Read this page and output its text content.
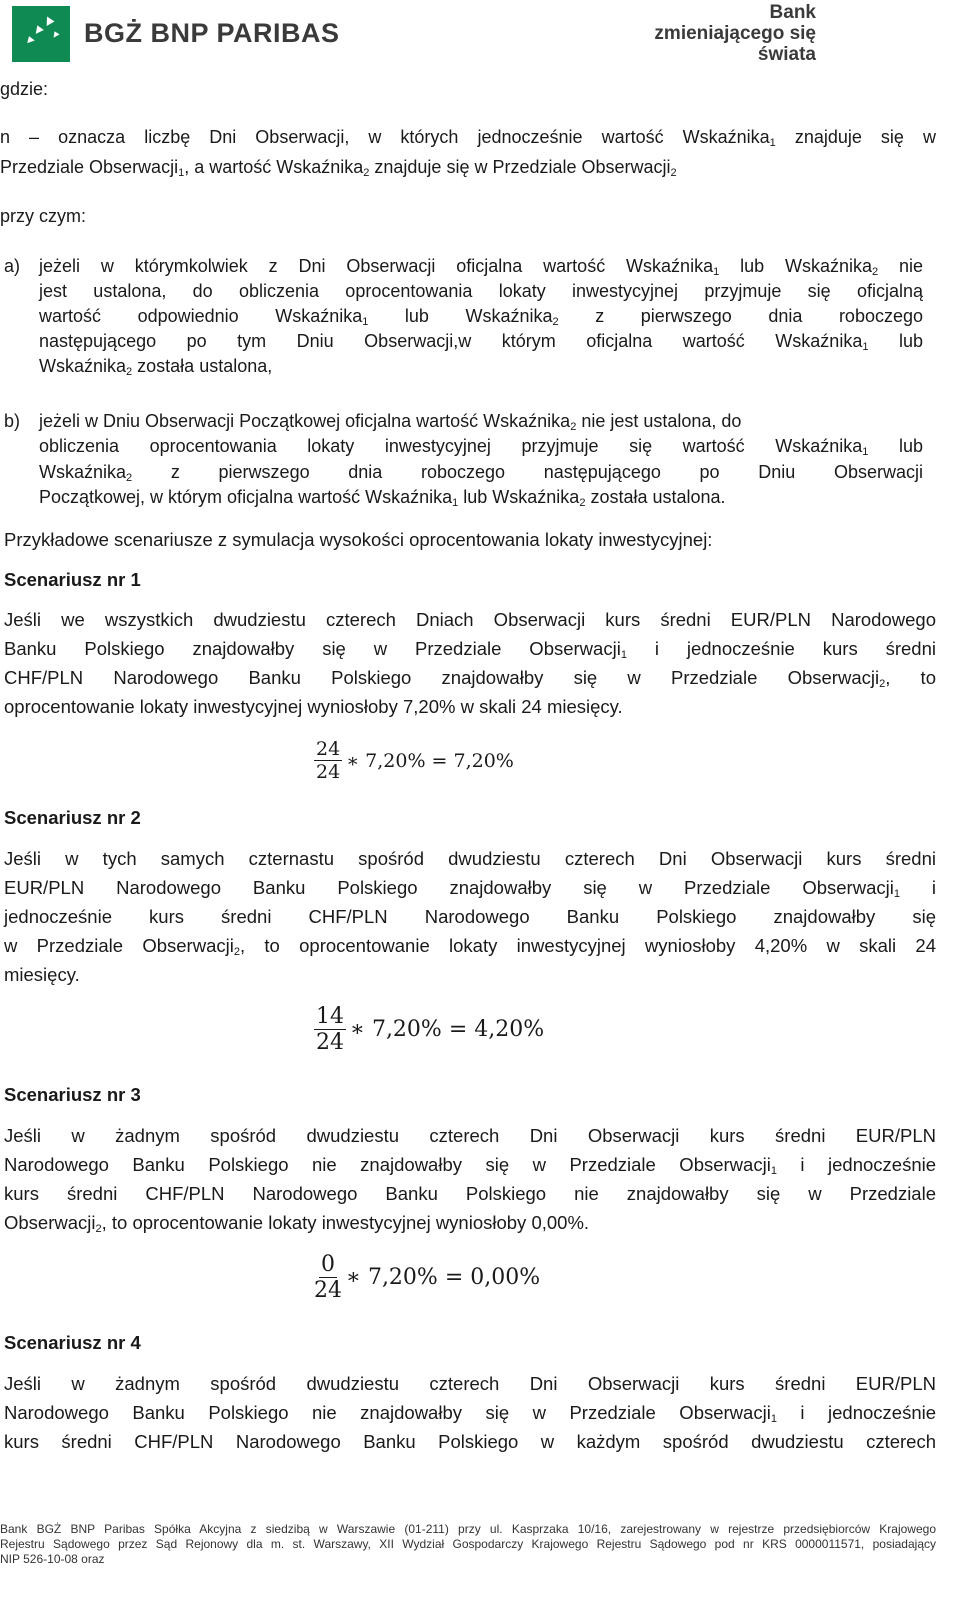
BGŻ BNP PARIBAS
Bank
zmieniającego się
świata
gdzie:
n – oznacza liczbę Dni Obserwacji, w których jednocześnie wartość Wskaźnika$_1$ znajduje się w
Przedziale Obserwacji$_1$, a wartość Wskaźnika$_2$ znajduje się w Przedziale Obserwacji$_2$
przy czym:
a) jeżeli w którymkolwiek z Dni Obserwacji oficjalna wartość Wskaźnika$_1$ lub Wskaźnika$_2$ nie
jest ustalona, do obliczenia oprocentowania lokaty inwestycyjnej przyjmuje się oficjalną
wartość odpowiednio Wskaźnika$_1$ lub Wskaźnika$_2$ z pierwszego dnia roboczego
następującego po tym Dniu Obserwacji,w którym oficjalna wartość Wskaźnika$_1$ lub
Wskaźnika$_2$ została ustalona,
b) jeżeli w Dniu Obserwacji Początkowej oficjalna wartość Wskaźnika$_2$ nie jest ustalona, do
obliczenia oprocentowania lokaty inwestycyjnej przyjmuje się wartość Wskaźnika$_1$ lub
Wskaźnika$_2$ z pierwszego dnia roboczego następującego po Dniu Obserwacji
Początkowej, w którym oficjalna wartość Wskaźnika$_1$ lub Wskaźnika$_2$ została ustalona.
Przykładowe scenariusze z symulacja wysokości oprocentowania lokaty inwestycyjnej:
Scenariusz nr 1
Jeśli we wszystkich dwudziestu czterech Dniach Obserwacji kurs średni EUR/PLN Narodowego
Banku Polskiego znajdowałby się w Przedziale Obserwacji$_1$ i jednocześnie kurs średni
CHF/PLN Narodowego Banku Polskiego znajdowałby się w Przedziale Obserwacji$_2$, to
oprocentowanie lokaty inwestycyjnej wyniosłoby 7,20% w skali 24 miesięcy.
$\frac{24}{24}$ ∗ 7,20% = 7,20%
Scenariusz nr 2
Jeśli w tych samych czternastu spośród dwudziestu czterech Dni Obserwacji kurs średni
EUR/PLN Narodowego Banku Polskiego znajdowałby się w Przedziale Obserwacji$_1$ i
jednocześnie kurs średni CHF/PLN Narodowego Banku Polskiego znajdowałby się
w Przedziale Obserwacji$_2$, to oprocentowanie lokaty inwestycyjnej wyniosłoby 4,20% w skali 24
miesięcy.
$\frac{14}{24}$ ∗ 7,20% = 4,20%
Scenariusz nr 3
Jeśli w żadnym spośród dwudziestu czterech Dni Obserwacji kurs średni EUR/PLN
Narodowego Banku Polskiego nie znajdowałby się w Przedziale Obserwacji$_1$ i jednocześnie
kurs średni CHF/PLN Narodowego Banku Polskiego nie znajdowałby się w Przedziale
Obserwacji$_2$, to oprocentowanie lokaty inwestycyjnej wyniosłoby 0,00%.
$\frac{0}{24}$ ∗ 7,20% = 0,00%
Scenariusz nr 4
Jeśli w żadnym spośród dwudziestu czterech Dni Obserwacji kurs średni EUR/PLN
Narodowego Banku Polskiego nie znajdowałby się w Przedziale Obserwacji$_1$ i jednocześnie
kurs średni CHF/PLN Narodowego Banku Polskiego w każdym spośród dwudziestu czterech
Bank BGŻ BNP Paribas Spółka Akcyjna z siedzibą w Warszawie (01-211) przy ul. Kasprzaka 10/16, zarejestrowany w rejestrze przedsiębiorców Krajowego
Rejestru Sądowego przez Sąd Rejonowy dla m. st. Warszawy, XII Wydział Gospodarczy Krajowego Rejestru Sądowego pod nr KRS 0000011571, posiadający
NIP 526-10-08 oraz
